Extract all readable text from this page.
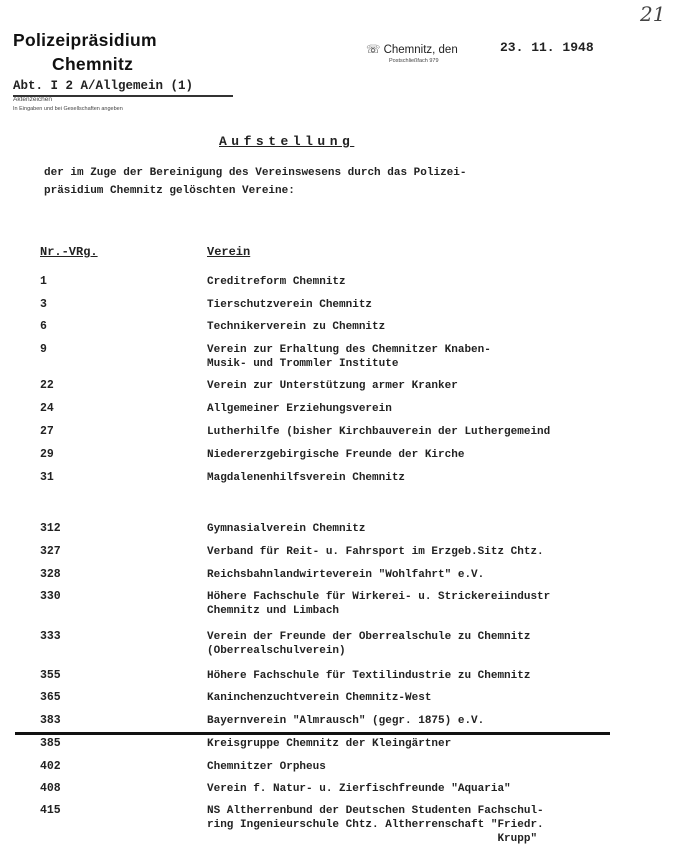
21
Polizeipräsidium
Chemnitz
Abt. I 2 A/Allgemein (1)
Aktenzeichen
In Eingaben und bei Gesellschaften angeben
☏ Chemnitz, den
Postschließfach 979
23. 11. 1948
Aufstellung
der im Zuge der Bereinigung des Vereinswesens durch das Polizei-
präsidium Chemnitz gelöschten Vereine:
Nr.-VRg.	Verein
1	Creditreform Chemnitz
3	Tierschutzverein Chemnitz
6	Technikerverein zu Chemnitz
9	Verein zur Erhaltung des Chemnitzer Knaben-
Musik- und Trommler Institute
22	Verein zur Unterstützung armer Kranker
24	Allgemeiner Erziehungsverein
27	Lutherhilfe (bisher Kirchbauverein der Luthergemeind
29	Niedererzgebirgische Freunde der Kirche
31	Magdalenenhilfsverein Chemnitz
312	Gymnasialverein Chemnitz
327	Verband für Reit- u. Fahrsport im Erzgeb.Sitz Chtz.
328	Reichsbahnlandwirteverein "Wohlfahrt" e.V.
330	Höhere Fachschule für Wirkerei- u. Strickereiindustr
Chemnitz und Limbach
333	Verein der Freunde der Oberrealschule zu Chemnitz
(Oberrealschulverein)
355	Höhere Fachschule für Textilindustrie zu Chemnitz
365	Kaninchenzuchtverein Chemnitz-West
383	Bayernverein "Almrausch" (gegr. 1875) e.V.
385	Kreisgruppe Chemnitz der Kleingärtner
402	Chemnitzer Orpheus
408	Verein f. Natur- u. Zierfischfreunde "Aquaria"
415	NS Altherrenbund der Deutschen Studenten Fachschul-
ring Ingenieurschule Chtz. Altherrenschaft "Friedr.
Krupp"
